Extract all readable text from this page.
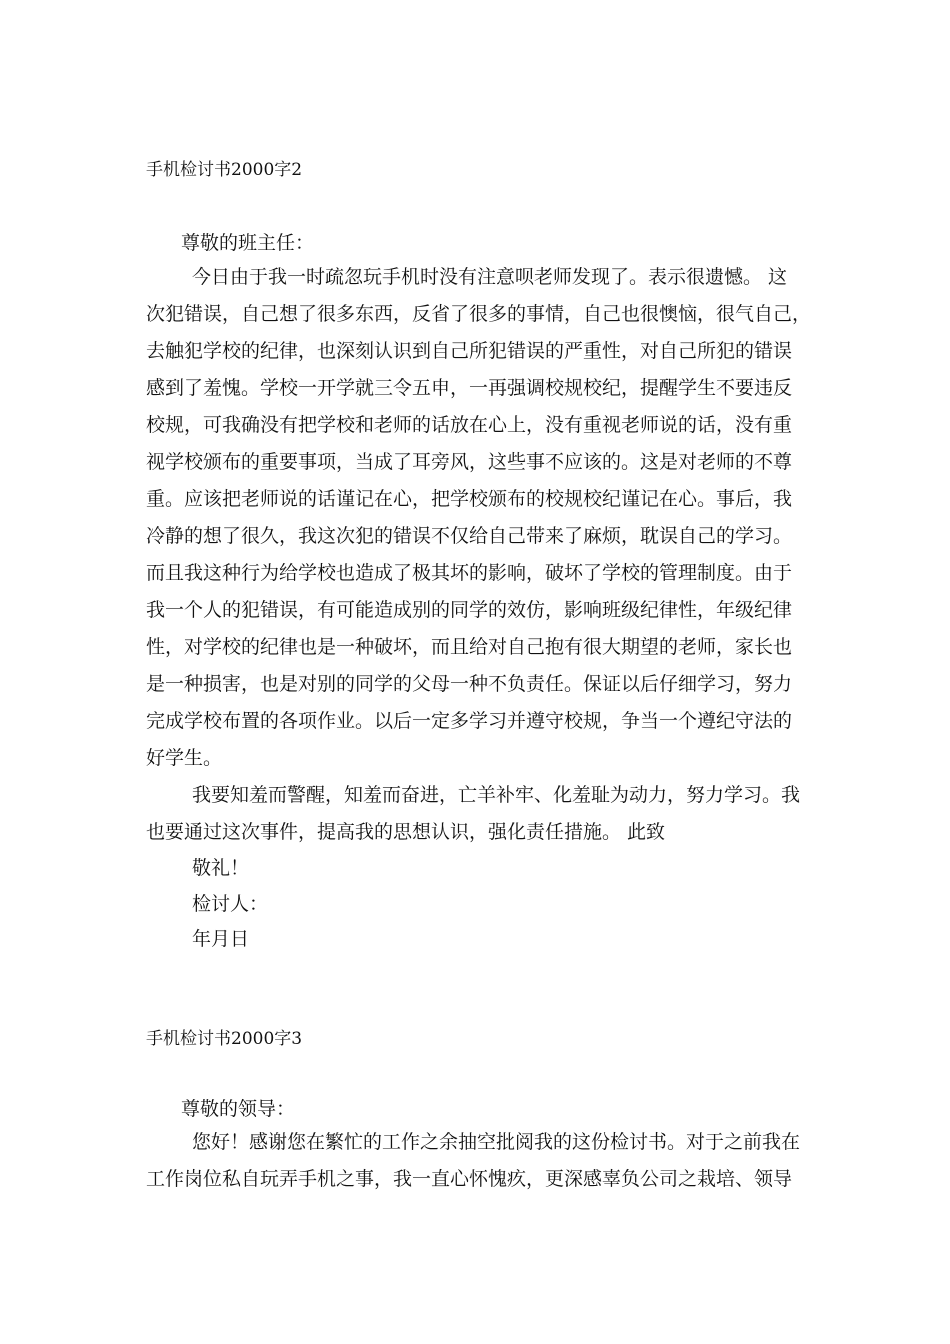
手机检讨书2000字2
尊敬的班主任：
今日由于我一时疏忽玩手机时没有注意呗老师发现了。表示很遗憾。 这
次犯错误，自己想了很多东西，反省了很多的事情，自己也很懊恼，很气自己，
去触犯学校的纪律，也深刻认识到自己所犯错误的严重性，对自己所犯的错误
感到了羞愧。学校一开学就三令五申，一再强调校规校纪，提醒学生不要违反
校规，可我确没有把学校和老师的话放在心上，没有重视老师说的话，没有重
视学校颁布的重要事项，当成了耳旁风，这些事不应该的。这是对老师的不尊
重。应该把老师说的话谨记在心，把学校颁布的校规校纪谨记在心。事后，我
冷静的想了很久，我这次犯的错误不仅给自己带来了麻烦，耽误自己的学习。
而且我这种行为给学校也造成了极其坏的影响，破坏了学校的管理制度。由于
我一个人的犯错误，有可能造成别的同学的效仿，影响班级纪律性，年级纪律
性，对学校的纪律也是一种破坏，而且给对自己抱有很大期望的老师，家长也
是一种损害，也是对别的同学的父母一种不负责任。保证以后仔细学习，努力
完成学校布置的各项作业。以后一定多学习并遵守校规，争当一个遵纪守法的
好学生。
我要知羞而警醒，知羞而奋进，亡羊补牢、化羞耻为动力，努力学习。我
也要通过这次事件，提高我的思想认识，强化责任措施。 此致
敬礼！
检讨人：
年月日
手机检讨书2000字3
尊敬的领导：
您好！感谢您在繁忙的工作之余抽空批阅我的这份检讨书。对于之前我在
工作岗位私自玩弄手机之事，我一直心怀愧疚，更深感辜负公司之栽培、领导
